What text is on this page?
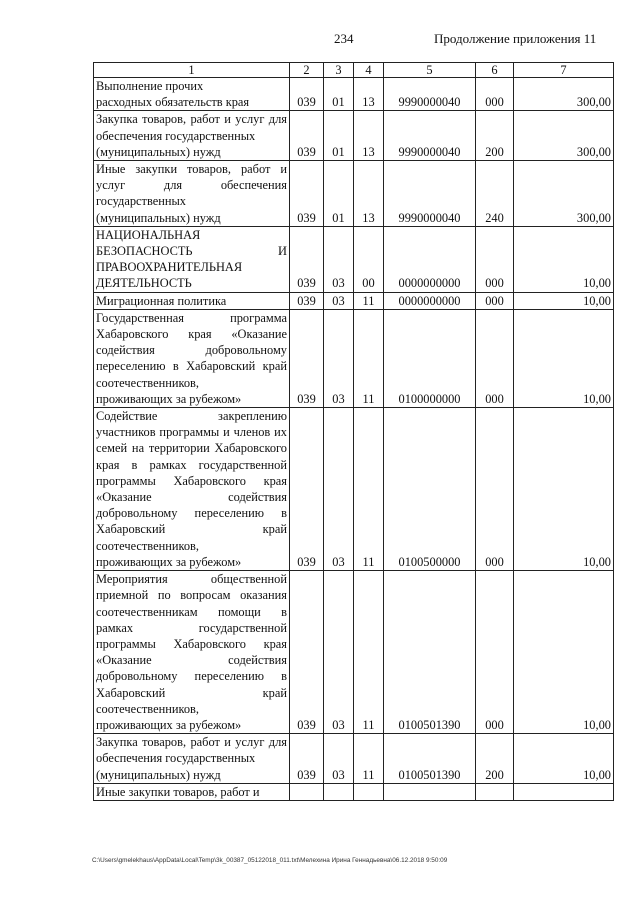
234	Продолжение приложения 11
1	2	3	4	5	6	7
Выполнение прочих
расходных обязательств края	039	01	13	9990000040	000	300,00
Закупка товаров, работ и услуг для обеспечения государственных
(муниципальных) нужд	039	01	13	9990000040	200	300,00
Иные закупки товаров, работ и услуг для обеспечения государственных
(муниципальных) нужд	039	01	13	9990000040	240	300,00
НАЦИОНАЛЬНАЯ БЕЗОПАСНОСТЬ И ПРАВООХРАНИТЕЛЬНАЯ
ДЕЯТЕЛЬНОСТЬ	039	03	00	0000000000	000	10,00
Миграционная политика	039	03	11	0000000000	000	10,00
Государственная программа Хабаровского края «Оказание содействия добровольному переселению в Хабаровский край соотечественников,
проживающих за рубежом»	039	03	11	0100000000	000	10,00
Содействие закреплению участников программы и членов их семей на территории Хабаровского края в рамках государственной программы Хабаровского края «Оказание содействия добровольному переселению в Хабаровский край соотечественников,
проживающих за рубежом»	039	03	11	0100500000	000	10,00
Мероприятия общественной приемной по вопросам оказания соотечественникам помощи в рамках государственной программы Хабаровского края «Оказание содействия добровольному переселению в Хабаровский край соотечественников,
проживающих за рубежом»	039	03	11	0100501390	000	10,00
Закупка товаров, работ и услуг для обеспечения государственных
(муниципальных) нужд	039	03	11	0100501390	200	10,00
Иные закупки товаров, работ и						
C:\Users\gmelekhaus\AppData\Local\Temp\3k_00387_05122018_011.txt\Мелехина Ирина Геннадьевна\06.12.2018 9:50:09
